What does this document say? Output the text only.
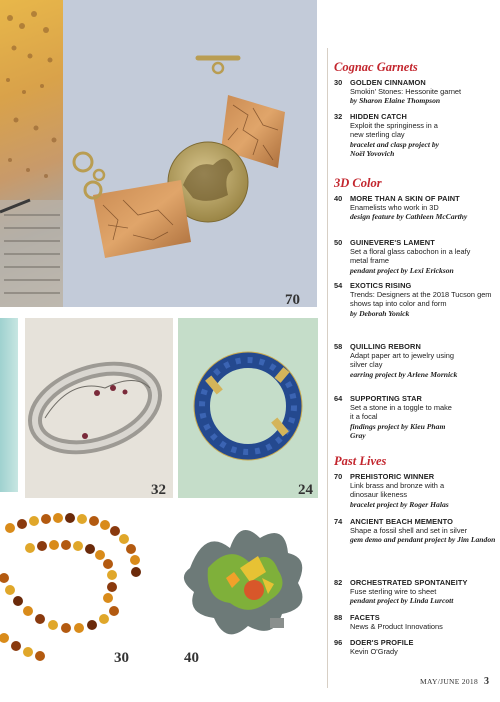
70
32	24
30	40
Cognac Garnets
30 GOLDEN CINNAMON
Smokin' Stones: Hessonite garnet
by Sharon Elaine Thompson
32 HIDDEN CATCH
Exploit the springiness in a new sterling clay
bracelet and clasp project by Noël Yovovich
3D Color
40 MORE THAN A SKIN OF PAINT
Enamelists who work in 3D
design feature by Cathleen McCarthy
50 GUINEVERE'S LAMENT
Set a floral glass cabochon in a leafy metal frame
pendant project by Lexi Erickson
54 EXOTICS RISING
Trends: Designers at the 2018 Tucson gem shows tap into color and form
by Deborah Yonick
58 QUILLING REBORN
Adapt paper art to jewelry using silver clay
earring project by Arlene Mornick
64 SUPPORTING STAR
Set a stone in a toggle to make it a focal
findings project by Kieu Pham Gray
Past Lives
70 PREHISTORIC WINNER
Link brass and bronze with a dinosaur likeness
bracelet project by Roger Halas
74 ANCIENT BEACH MEMENTO
Shape a fossil shell and set in silver
gem demo and pendant project by Jim Landon
82 ORCHESTRATED SPONTANEITY
Fuse sterling wire to sheet
pendant project by Linda Lurcott
88 FACETS
News & Product Innovations
96 DOER'S PROFILE
Kevin O'Grady
MAY/JUNE 2018 3
